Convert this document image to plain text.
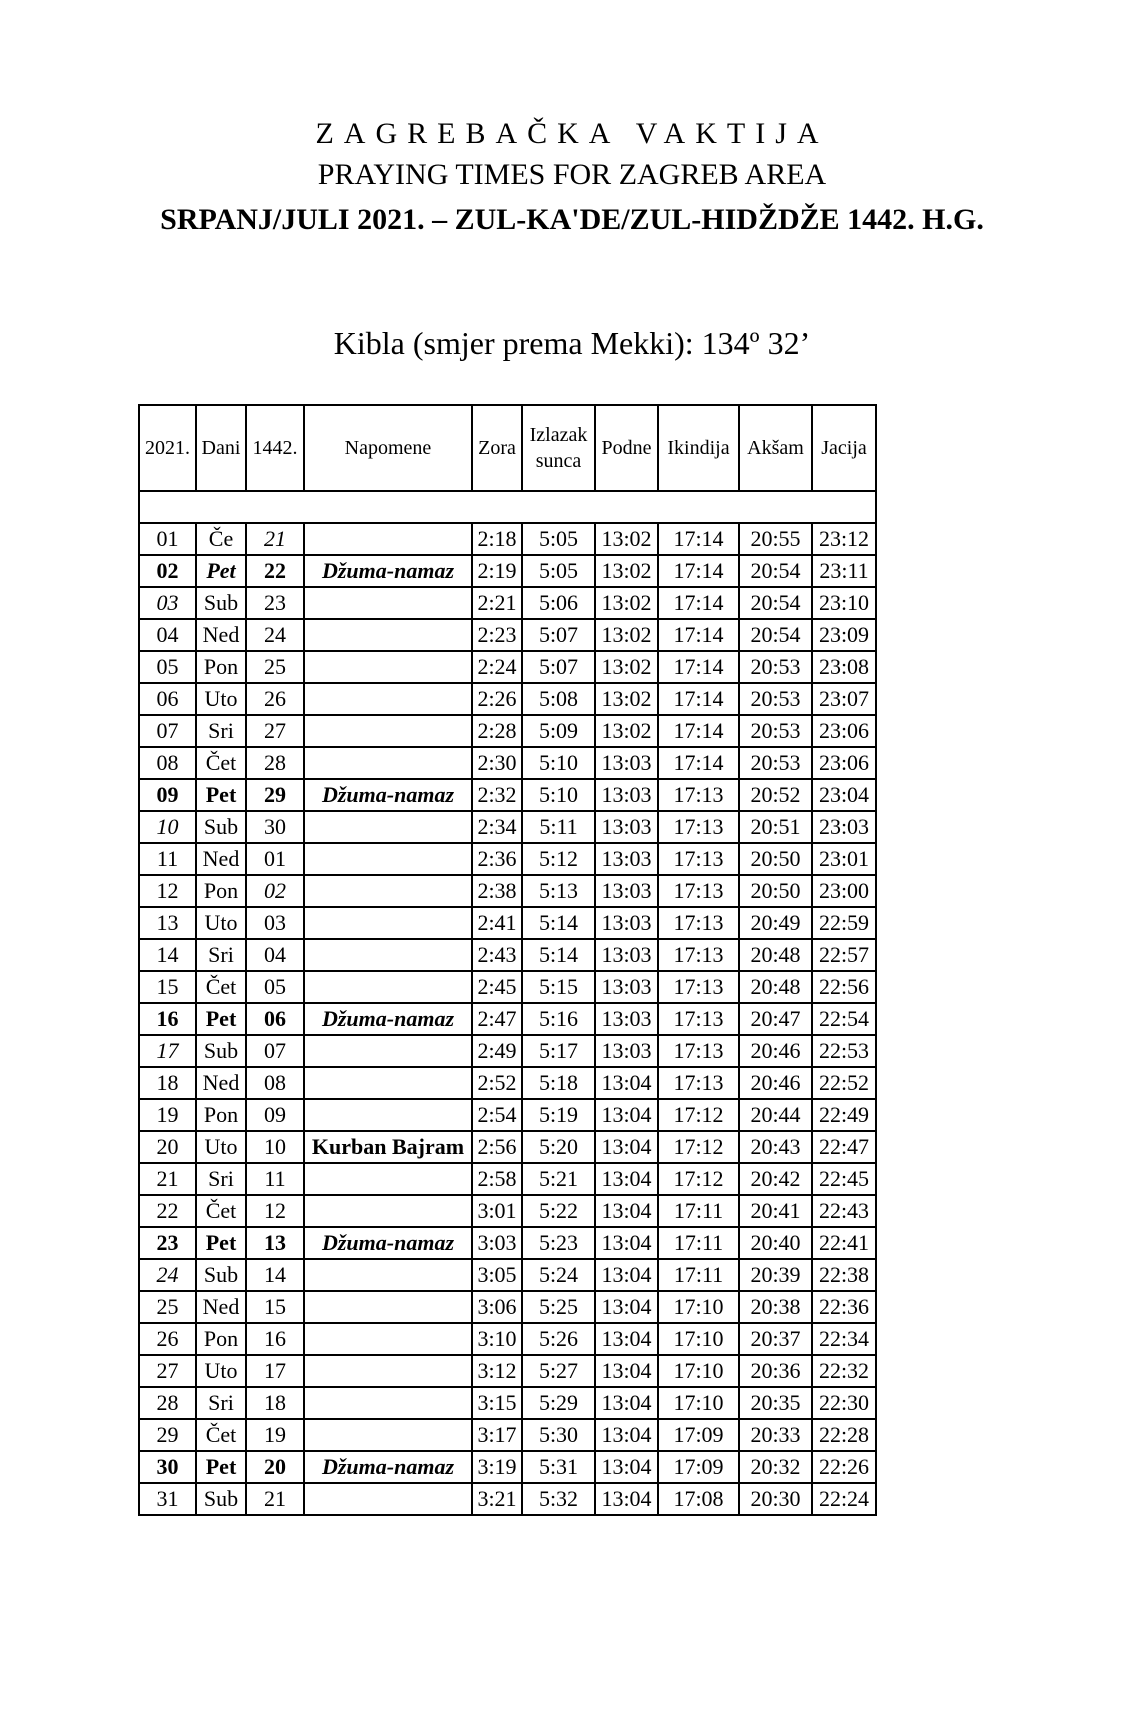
ZAGREBAČKA VAKTIJA
PRAYING TIMES FOR ZAGREB AREA
SRPANJ/JULI 2021. – ZUL-KA'DE/ZUL-HIDŽDŽE 1442. H.G.
Kibla (smjer prema Mekki): 134º 32’
2021.	Dani	1442.	Napomene	Zora	Izlazak sunca	Podne	Ikindija	Akšam	Jacija

01	Če	21		2:18	5:05	13:02	17:14	20:55	23:12
02	Pet	22	Džuma-namaz	2:19	5:05	13:02	17:14	20:54	23:11
03	Sub	23		2:21	5:06	13:02	17:14	20:54	23:10
04	Ned	24		2:23	5:07	13:02	17:14	20:54	23:09
05	Pon	25		2:24	5:07	13:02	17:14	20:53	23:08
06	Uto	26		2:26	5:08	13:02	17:14	20:53	23:07
07	Sri	27		2:28	5:09	13:02	17:14	20:53	23:06
08	Čet	28		2:30	5:10	13:03	17:14	20:53	23:06
09	Pet	29	Džuma-namaz	2:32	5:10	13:03	17:13	20:52	23:04
10	Sub	30		2:34	5:11	13:03	17:13	20:51	23:03
11	Ned	01		2:36	5:12	13:03	17:13	20:50	23:01
12	Pon	02		2:38	5:13	13:03	17:13	20:50	23:00
13	Uto	03		2:41	5:14	13:03	17:13	20:49	22:59
14	Sri	04		2:43	5:14	13:03	17:13	20:48	22:57
15	Čet	05		2:45	5:15	13:03	17:13	20:48	22:56
16	Pet	06	Džuma-namaz	2:47	5:16	13:03	17:13	20:47	22:54
17	Sub	07		2:49	5:17	13:03	17:13	20:46	22:53
18	Ned	08		2:52	5:18	13:04	17:13	20:46	22:52
19	Pon	09		2:54	5:19	13:04	17:12	20:44	22:49
20	Uto	10	Kurban Bajram	2:56	5:20	13:04	17:12	20:43	22:47
21	Sri	11		2:58	5:21	13:04	17:12	20:42	22:45
22	Čet	12		3:01	5:22	13:04	17:11	20:41	22:43
23	Pet	13	Džuma-namaz	3:03	5:23	13:04	17:11	20:40	22:41
24	Sub	14		3:05	5:24	13:04	17:11	20:39	22:38
25	Ned	15		3:06	5:25	13:04	17:10	20:38	22:36
26	Pon	16		3:10	5:26	13:04	17:10	20:37	22:34
27	Uto	17		3:12	5:27	13:04	17:10	20:36	22:32
28	Sri	18		3:15	5:29	13:04	17:10	20:35	22:30
29	Čet	19		3:17	5:30	13:04	17:09	20:33	22:28
30	Pet	20	Džuma-namaz	3:19	5:31	13:04	17:09	20:32	22:26
31	Sub	21		3:21	5:32	13:04	17:08	20:30	22:24
